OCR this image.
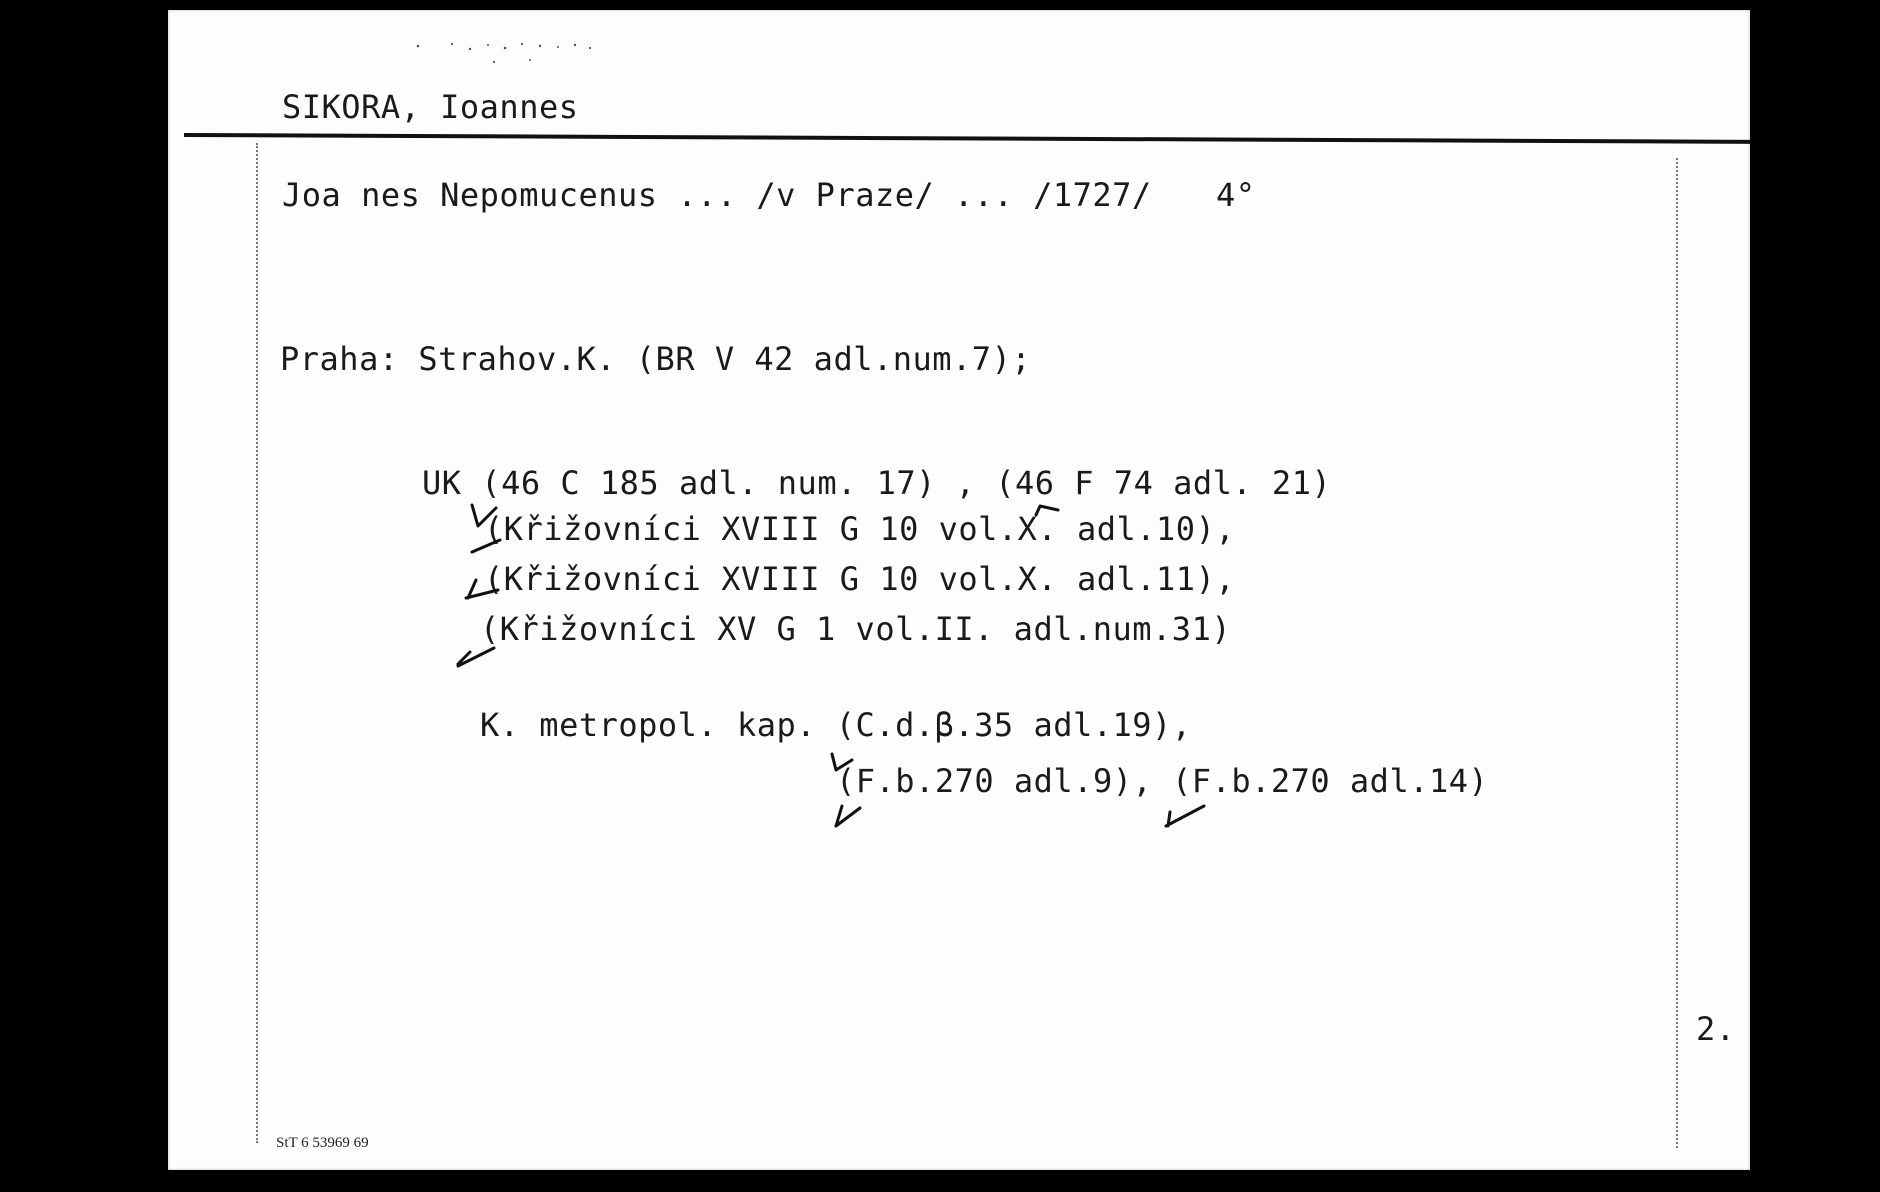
SIKORA, Ioannes
Joa nes Nepomucenus ... /v Praze/ ... /1727/ 4°
Praha: Strahov.K. (BR V 42 adl.num.7);
UK (46 C 185 adl. num. 17) , (46 F 74 adl. 21)
(Křižovníci XVIII G 10 vol.X. adl.10),
(Křižovníci XVIII G 10 vol.X. adl.11),
(Křižovníci XV G 1 vol.II. adl.num.31)
K. metropol. kap. (C.d.β.35 adl.19),
(F.b.270 adl.9), (F.b.270 adl.14)
2.
StT 6 53969 69
